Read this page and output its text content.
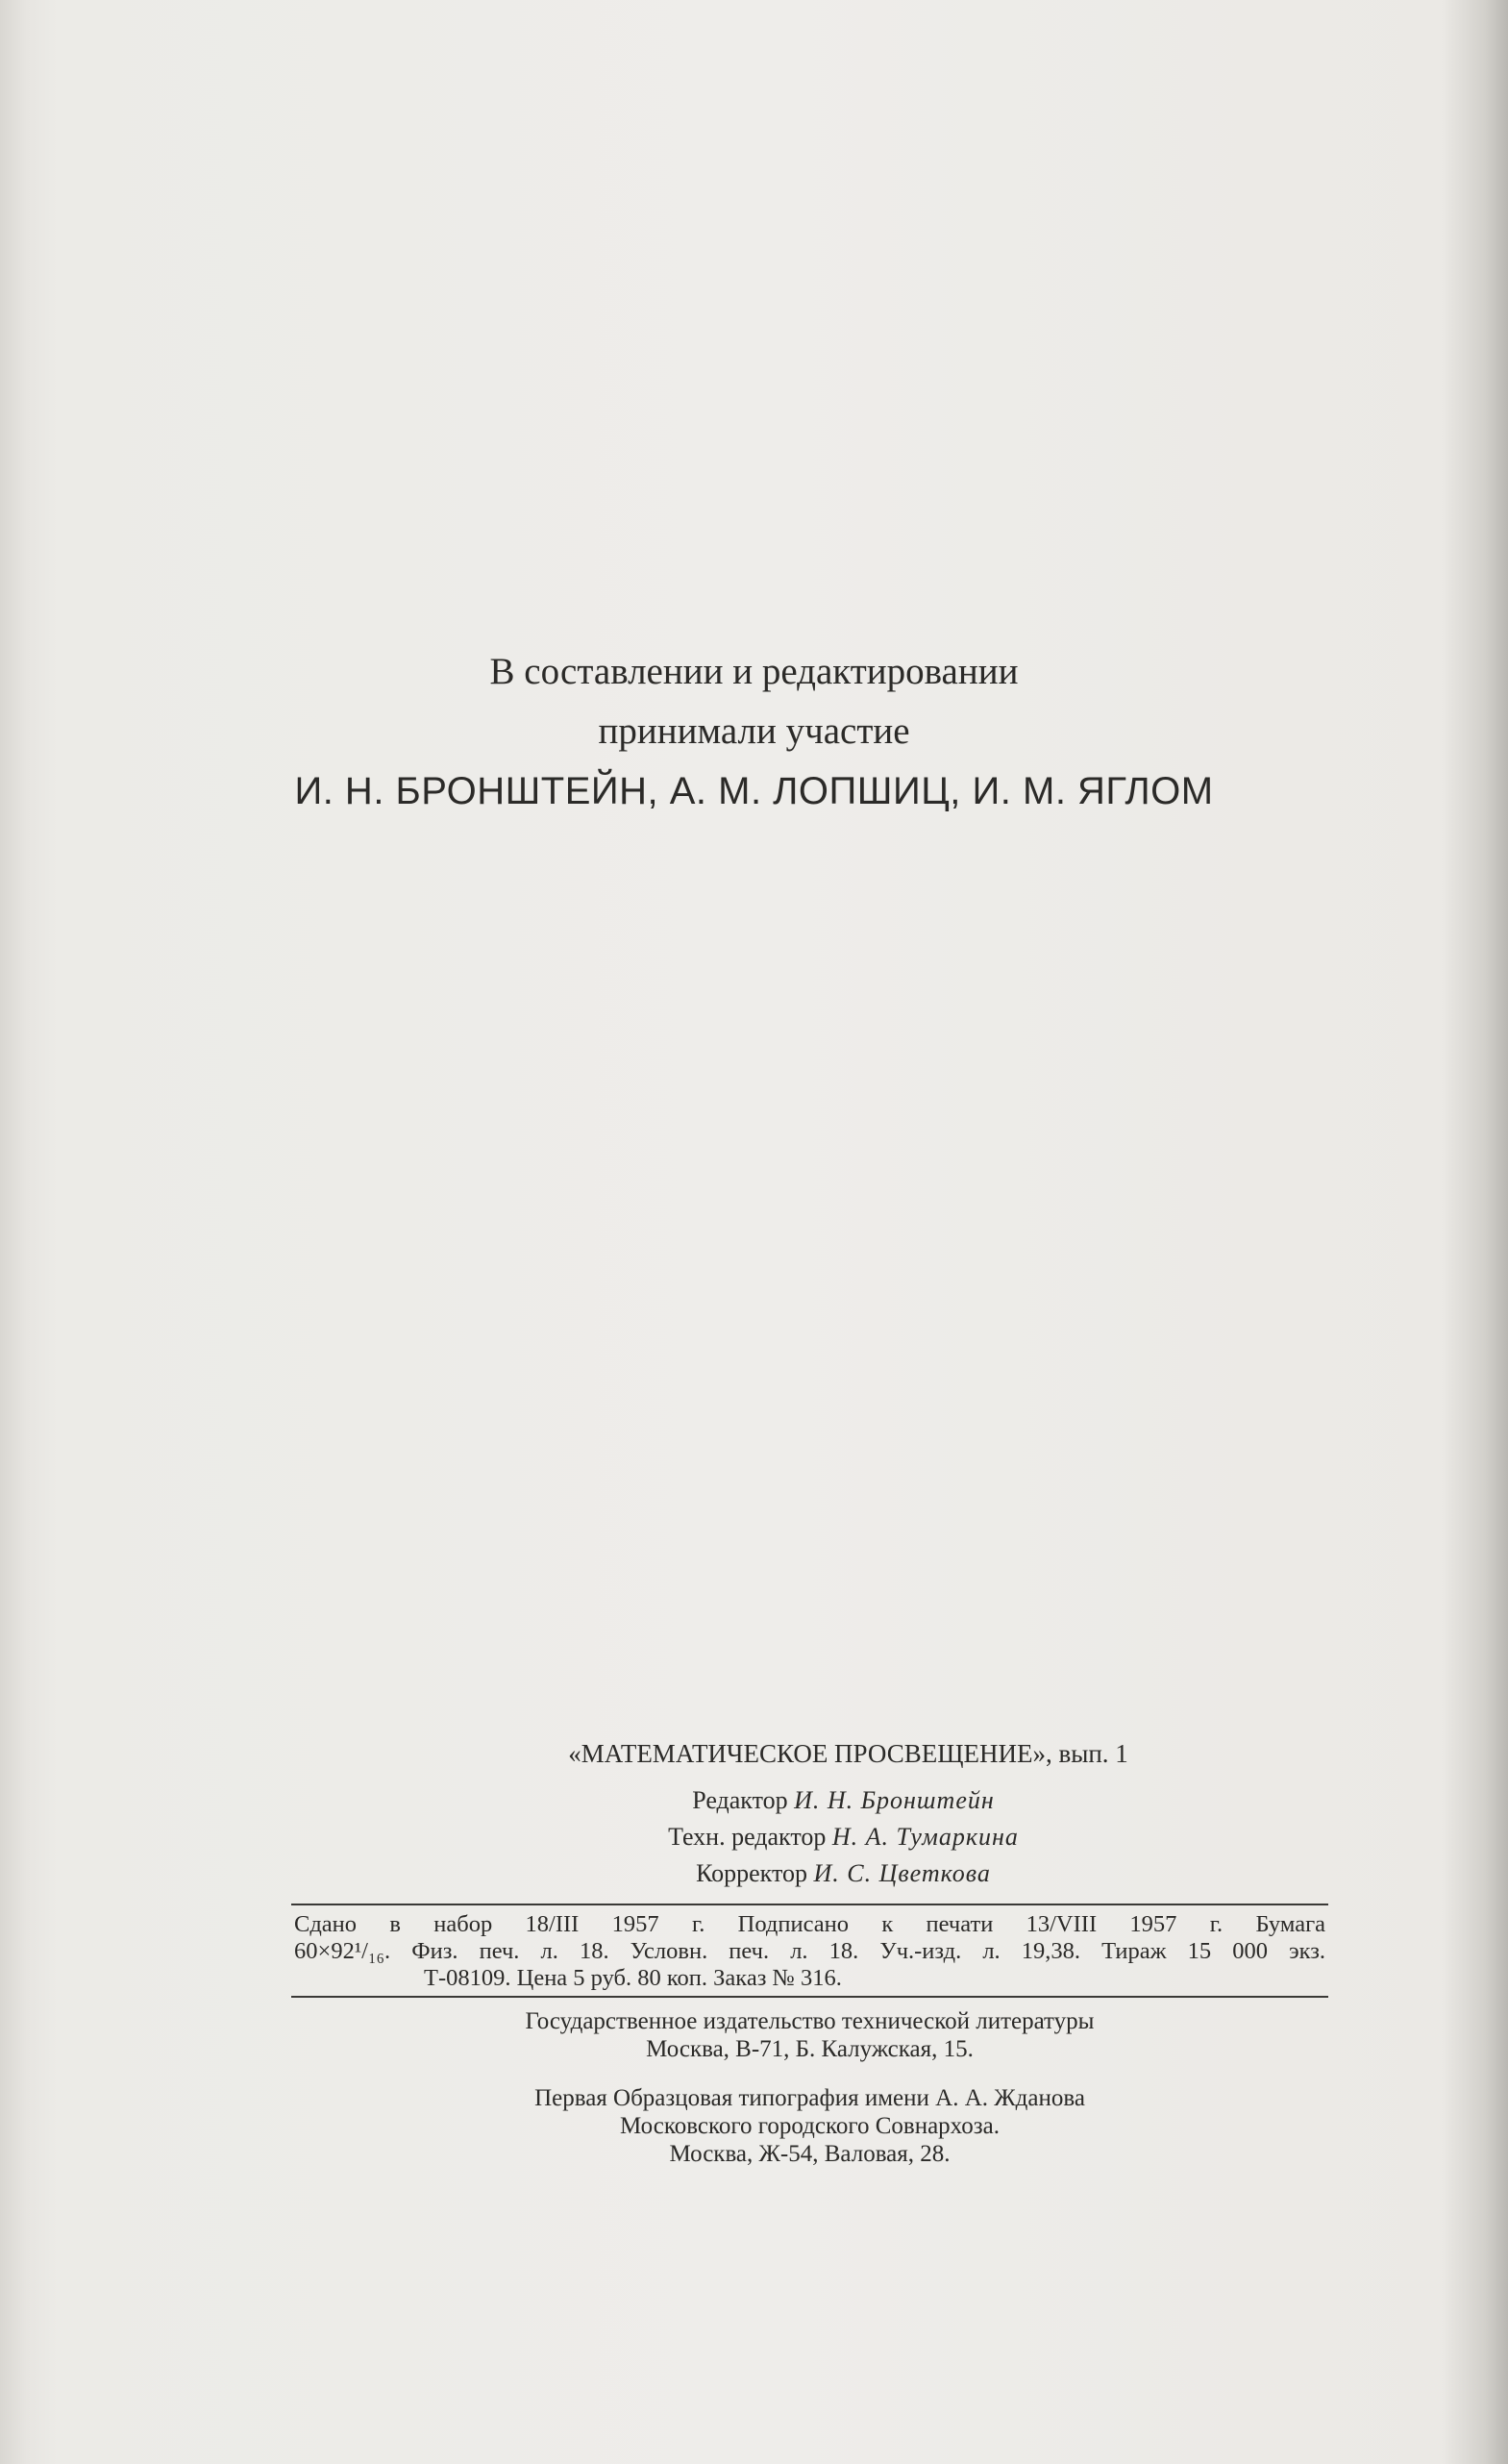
В составлении и редактировании
принимали участие
И. Н. БРОНШТЕЙН, А. М. ЛОПШИЦ, И. М. ЯГЛОМ
«МАТЕМАТИЧЕСКОЕ ПРОСВЕЩЕНИЕ», вып. 1
Редактор И. Н. Бронштейн
Техн. редактор Н. А. Тумаркина
Корректор И. С. Цветкова
Сдано в набор 18/III 1957 г. Подписано к печати 13/VIII 1957 г. Бумага
60×92¹/₁₆. Физ. печ. л. 18. Условн. печ. л. 18. Уч.-изд. л. 19,38. Тираж 15 000 экз.
Т-08109. Цена 5 руб. 80 коп. Заказ № 316.
Государственное издательство технической литературы
Москва, В-71, Б. Калужская, 15.
Первая Образцовая типография имени А. А. Жданова
Московского городского Совнархоза.
Москва, Ж-54, Валовая, 28.
